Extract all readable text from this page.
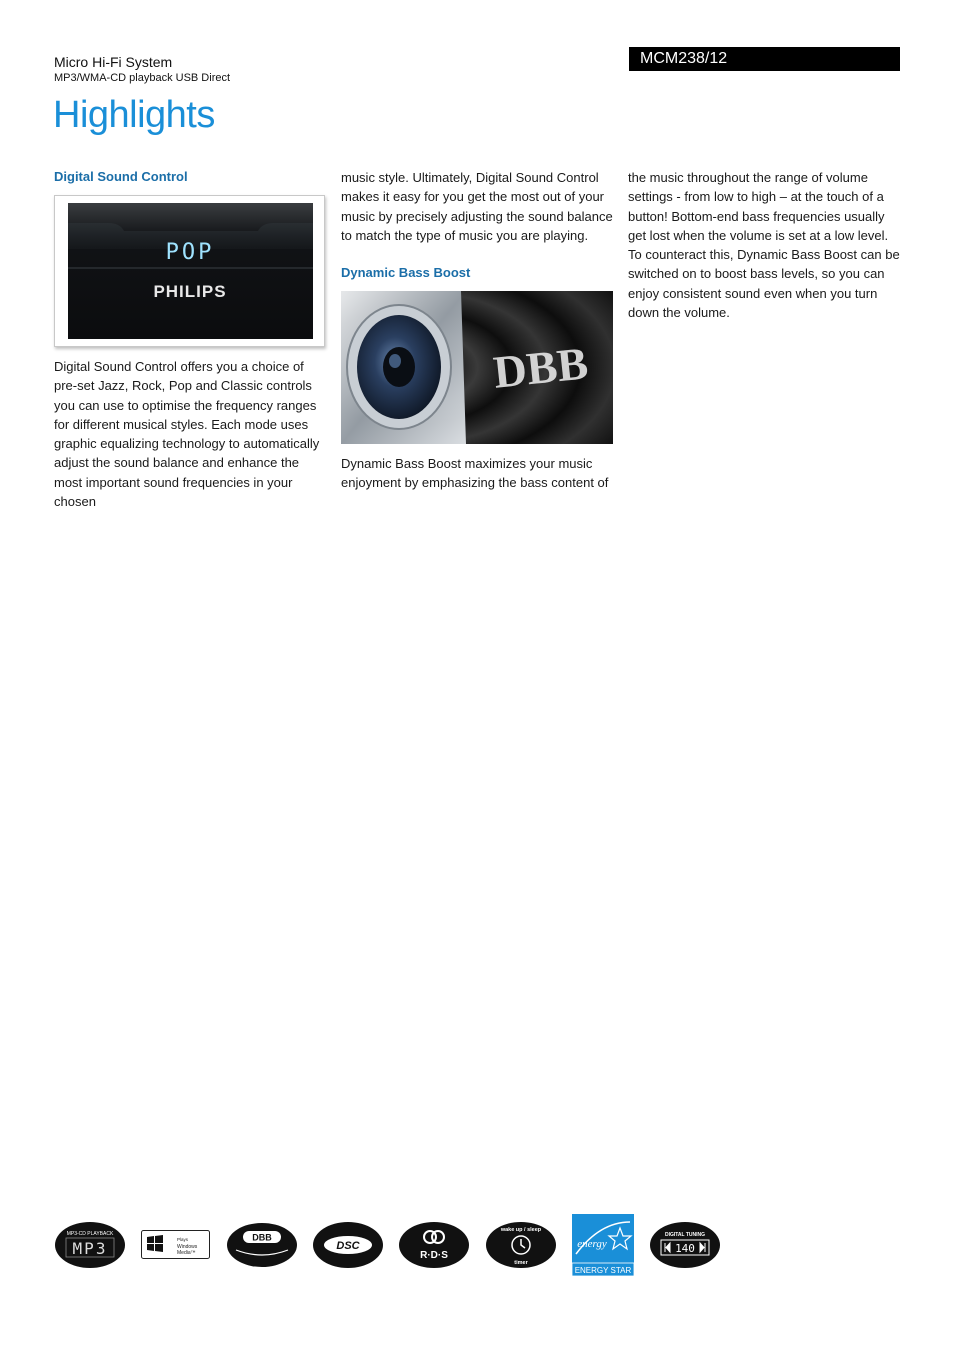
Micro Hi-Fi System
MP3/WMA-CD playback USB Direct
MCM238/12
Highlights
Digital Sound Control
POP
PHILIPS

Digital Sound Control offers you a choice of pre-set Jazz, Rock, Pop and Classic controls you can use to optimise the frequency ranges for different musical styles. Each mode uses graphic equalizing technology to automatically adjust the sound balance and enhance the most important sound frequencies in your chosen

music style. Ultimately, Digital Sound Control makes it easy for you get the most out of your music by precisely adjusting the sound balance to match the type of music you are playing.

Dynamic Bass Boost
DBB

Dynamic Bass Boost maximizes your music enjoyment by emphasizing the bass content of

the music throughout the range of volume settings - from low to high – at the touch of a button! Bottom-end bass frequencies usually get lost when the volume is set at a low level. To counteract this, Dynamic Bass Boost can be switched on to boost bass levels, so you can enjoy consistent sound even when you turn down the volume.

MP3-CD PLAYBACK
MP3	Plays
Windows
Media™
DBB
DSC
R·D·S
wake up / sleep
timer
energy
ENERGY STAR
DIGITAL TUNING
140
